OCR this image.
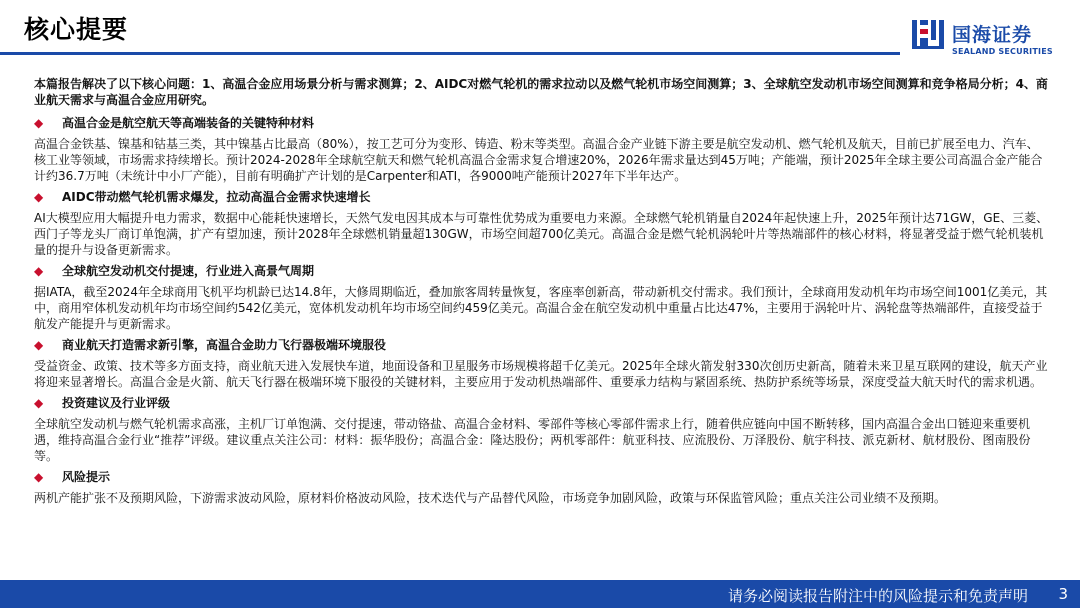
核心提要	国海证券
SEALAND SECURITIES
本篇报告解决了以下核心问题：1、高温合金应用场景分析与需求测算；2、AIDC对燃气轮机的需求拉动以及燃气轮机市场空间测算；3、全球航空发动机市场空间测算和竞争格局分析；4、商业航天需求与高温合金应用研究。
◆	高温合金是航空航天等高端装备的关键特种材料
高温合金铁基、镍基和钴基三类，其中镍基占比最高（80%），按工艺可分为变形、铸造、粉末等类型。高温合金产业链下游主要是航空发动机、燃气轮机及航天，目前已扩展至电力、汽车、核工业等领域，市场需求持续增长。预计2024-2028年全球航空航天和燃气轮机高温合金需求复合增速20%，2026年需求量达到45万吨；产能端，预计2025年全球主要公司高温合金产能合计约36.7万吨（未统计中小厂产能），目前有明确扩产计划的是Carpenter和ATI，各9000吨产能预计2027年下半年达产。
◆	AIDC带动燃气轮机需求爆发，拉动高温合金需求快速增长
AI大模型应用大幅提升电力需求，数据中心能耗快速增长，天然气发电因其成本与可靠性优势成为重要电力来源。全球燃气轮机销量自2024年起快速上升，2025年预计达71GW，GE、三菱、西门子等龙头厂商订单饱满，扩产有望加速，预计2028年全球燃机销量超130GW，市场空间超700亿美元。高温合金是燃气轮机涡轮叶片等热端部件的核心材料，将显著受益于燃气轮机装机量的提升与设备更新需求。
◆	全球航空发动机交付提速，行业进入高景气周期
据IATA，截至2024年全球商用飞机平均机龄已达14.8年，大修周期临近，叠加旅客周转量恢复，客座率创新高，带动新机交付需求。我们预计，全球商用发动机年均市场空间1001亿美元，其中，商用窄体机发动机年均市场空间约542亿美元，宽体机发动机年均市场空间约459亿美元。高温合金在航空发动机中重量占比达47%，主要用于涡轮叶片、涡轮盘等热端部件，直接受益于航发产能提升与更新需求。
◆	商业航天打造需求新引擎，高温合金助力飞行器极端环境服役
受益资金、政策、技术等多方面支持，商业航天进入发展快车道，地面设备和卫星服务市场规模将超千亿美元。2025年全球火箭发射330次创历史新高，随着未来卫星互联网的建设，航天产业将迎来显著增长。高温合金是火箭、航天飞行器在极端环境下服役的关键材料，主要应用于发动机热端部件、重要承力结构与紧固系统、热防护系统等场景，深度受益大航天时代的需求机遇。
◆	投资建议及行业评级
全球航空发动机与燃气轮机需求高涨，主机厂订单饱满、交付提速，带动铬盐、高温合金材料、零部件等核心零部件需求上行，随着供应链向中国不断转移，国内高温合金出口链迎来重要机遇，维持高温合金行业“推荐”评级。建议重点关注公司：材料：振华股份；高温合金：隆达股份；两机零部件：航亚科技、应流股份、万泽股份、航宇科技、派克新材、航材股份、图南股份等。
◆	风险提示
两机产能扩张不及预期风险，下游需求波动风险，原材料价格波动风险，技术迭代与产品替代风险，市场竞争加剧风险，政策与环保监管风险；重点关注公司业绩不及预期。
请务必阅读报告附注中的风险提示和免责声明 3
